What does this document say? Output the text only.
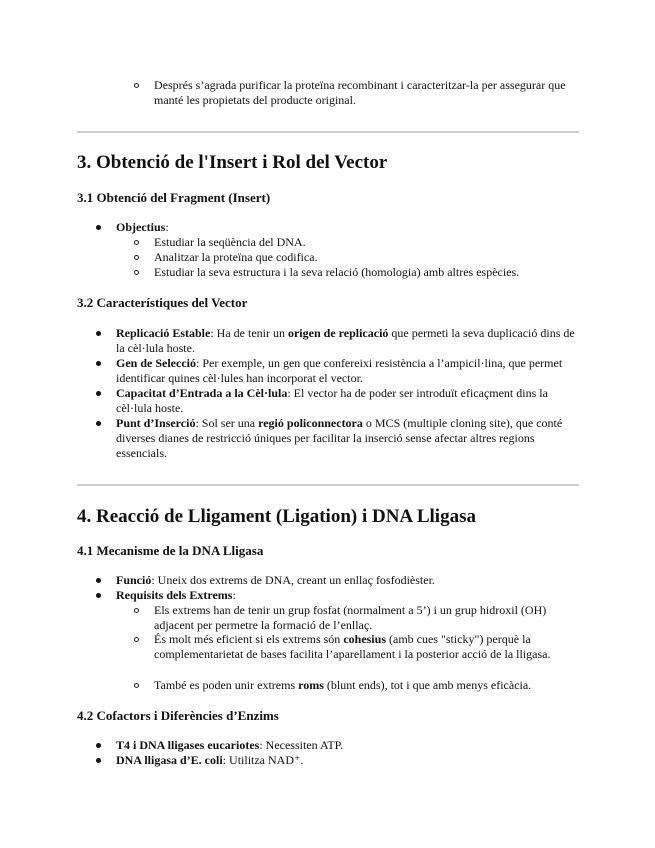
Després s’agrada purificar la proteïna recombinant i caracteritzar-la per assegurar que manté les propietats del producte original.
3. Obtenció de l'Insert i Rol del Vector
3.1 Obtenció del Fragment (Insert)
Objectius:
Estudiar la seqüència del DNA.
Analitzar la proteïna que codifica.
Estudiar la seva estructura i la seva relació (homologia) amb altres espècies.
3.2 Característiques del Vector
Replicació Estable: Ha de tenir un origen de replicació que permeti la seva duplicació dins de la cèl·lula hoste.
Gen de Selecció: Per exemple, un gen que confereixi resistència a l’ampicil·lina, que permet identificar quines cèl·lules han incorporat el vector.
Capacitat d’Entrada a la Cèl·lula: El vector ha de poder ser introduït eficaçment dins la cèl·lula hoste.
Punt d’Inserció: Sol ser una regió policonnectora o MCS (multiple cloning site), que conté diverses dianes de restricció úniques per facilitar la inserció sense afectar altres regions essencials.
4. Reacció de Lligament (Ligation) i DNA Lligasa
4.1 Mecanisme de la DNA Lligasa
Funció: Uneix dos extrems de DNA, creant un enllaç fosfodièster.
Requisits dels Extrems:
Els extrems han de tenir un grup fosfat (normalment a 5’) i un grup hidroxil (OH) adjacent per permetre la formació de l’enllaç.
És molt més eficient si els extrems són cohesius (amb cues "sticky") perquè la complementarietat de bases facilita l’aparellament i la posterior acció de la lligasa.
També es poden unir extrems roms (blunt ends), tot i que amb menys eficàcia.
4.2 Cofactors i Diferències d’Enzims
T4 i DNA lligases eucariotes: Necessiten ATP.
DNA lligasa d’E. coli: Utilitza NAD⁺.
